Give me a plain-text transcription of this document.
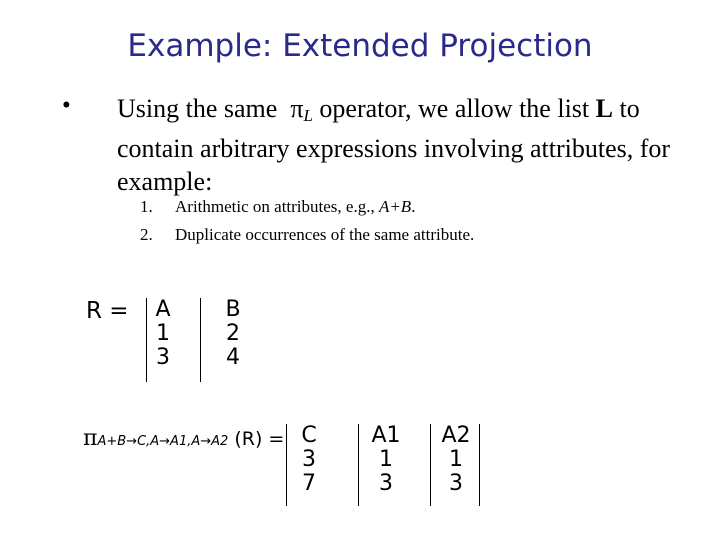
Example: Extended Projection
• Using the same $\pi_L$ operator, we allow the list L to contain arbitrary expressions involving attributes, for example:
1. Arithmetic on attributes, e.g., A+B.
2. Duplicate occurrences of the same attribute.
R =	A
1
3
B
2
4
πA+B→C,A→A1,A→A2 (R) = C
3
7
A1
1
3
A2
1
3
